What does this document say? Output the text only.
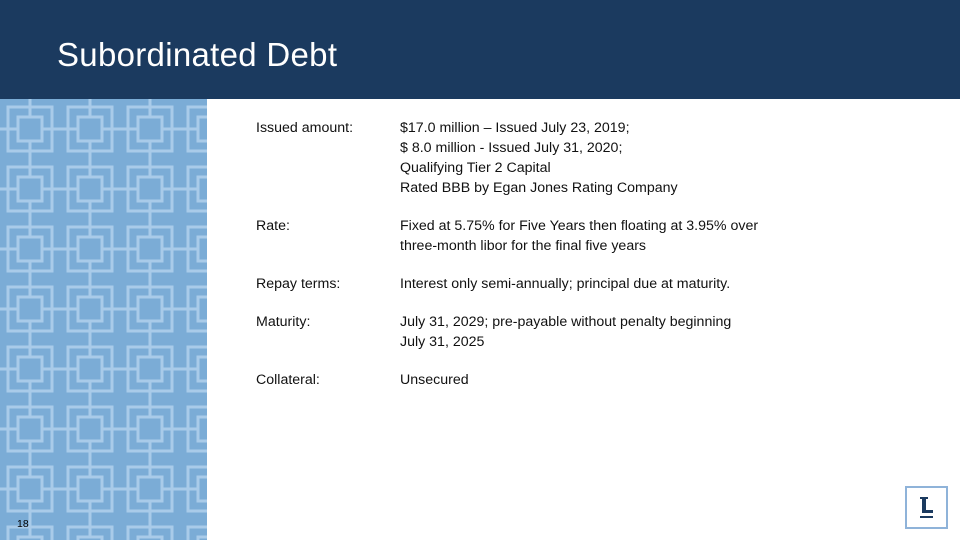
Subordinated Debt
Issued amount:	$17.0 million – Issued July 23, 2019;
$ 8.0 million - Issued July 31, 2020;
Qualifying Tier 2 Capital
Rated BBB by Egan Jones Rating Company
Rate:	Fixed at 5.75% for Five Years then floating at 3.95% over
three-month libor for the final five years
Repay terms:	Interest only semi-annually; principal due at maturity.
Maturity:	July 31, 2029; pre-payable without penalty beginning
July 31, 2025
Collateral:	Unsecured
18
